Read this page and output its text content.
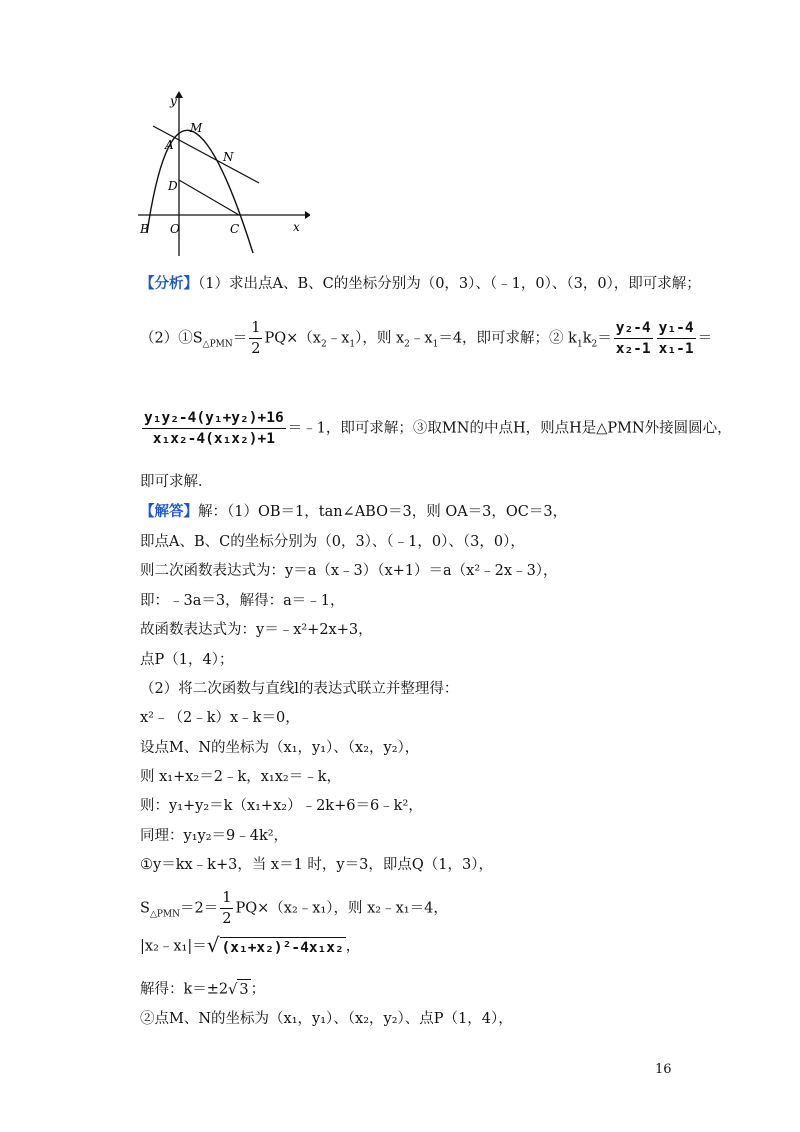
y
x
M
A
N
D
B O	C
【分析】（1）求出点A、B、C的坐标分别为（0，3）、（﹣1，0）、（3，0），即可求解；
$(2)①S_{\triangle PMN}= \frac{1}{2}$ $PQ\times(x_2﹣x_1)$，则 $x_2﹣x_1=4$，即可求解；② $k_1k_2= \frac{\text{y₂-4}}{\text{x₂-1}} \frac{\text{y₁-4}}{\text{x₁-1}}$ ＝
$\frac{\text{y₁y₂-4(y₁+y₂)+16}}{\text{x₁x₂-4(x₁x₂)+1}}$ ＝﹣1，即可求解；③取MN的中点H，则点H是△PMN外接圆圆心，
即可求解．
【解答】解：（1）OB＝1，tan∠ABO＝3，则 OA＝3，OC＝3，
即点A、B、C的坐标分别为（0，3）、（﹣1，0）、（3，0），
则二次函数表达式为：y＝a（x﹣3）（x+1）＝a（x²﹣2x﹣3），
即：﹣3a＝3，解得：a＝﹣1，
故函数表达式为：y＝﹣x²+2x+3，
点P（1，4）；
（2）将二次函数与直线l的表达式联立并整理得：
x²﹣（2﹣k）x﹣k＝0，
设点M、N的坐标为（x₁，y₁）、（x₂，y₂），
则 x₁+x₂＝2﹣k，x₁x₂＝﹣k，
则：y₁+y₂＝k（x₁+x₂）﹣2k+6＝6﹣k²，
同理：y₁y₂＝9﹣4k²，
①y＝kx﹣k+3，当 x＝1 时，y＝3，即点Q（1，3），
$S_{\triangle PMN}=2= \frac{1}{2}$ PQ×（x₂﹣x₁），则 x₂﹣x₁＝4，
|x₂﹣x₁|＝√ (x₁+x₂)²-4x₁x₂ ，
解得：k＝±2√ 3 ；
②点M、N的坐标为（x₁，y₁）、（x₂，y₂）、点P（1，4），
16
